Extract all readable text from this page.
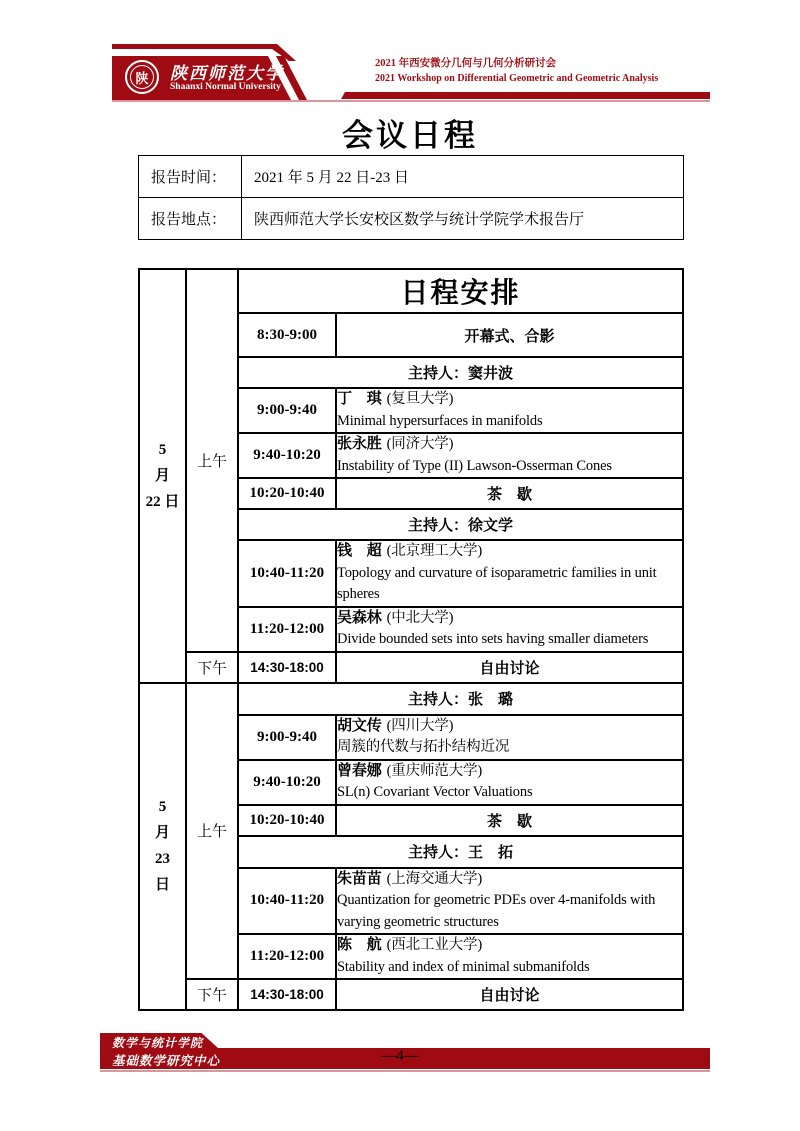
陕	陕西师范大学
Shaanxi Normal University
2021 年西安微分几何与几何分析研讨会
2021 Workshop on Differential Geometric and Geometric Analysis
会议日程
报告时间：	2021 年 5 月 22 日-23 日
报告地点：	陕西师范大学长安校区数学与统计学院学术报告厅
5
月
22 日	上午	日程安排	
		8:30-9:00	开幕式、合影
		主持人：窦井波	
		9:00-9:40	丁　琪 (复旦大学)
Minimal hypersurfaces in manifolds

		9:40-10:20	张永胜 (同济大学)
Instability of Type (II) Lawson-Osserman Cones

		10:20-10:40	茶　歇
		主持人：徐文学	
		10:40-11:20	钱　超 (北京理工大学)
Topology and curvature of isoparametric families in unit spheres

		11:20-12:00	吴森林 (中北大学)
Divide bounded sets into sets having smaller diameters

	下午	14:30-18:00	自由讨论

5
月
23
日	上午	主持人：张　璐	
		9:00-9:40	胡文传 (四川大学)
周簇的代数与拓扑结构近况

		9:40-10:20	曾春娜 (重庆师范大学)
SL(n) Covariant Vector Valuations

		10:20-10:40	茶　歇
		主持人：王　拓	
		10:40-11:20	朱苗苗 (上海交通大学)
Quantization for geometric PDEs over 4-manifolds with varying geometric structures

		11:20-12:00	陈　航 (西北工业大学)
Stability and index of minimal submanifolds

	下午	14:30-18:00	自由讨论
数学与统计学院
基础数学研究中心	—4—
